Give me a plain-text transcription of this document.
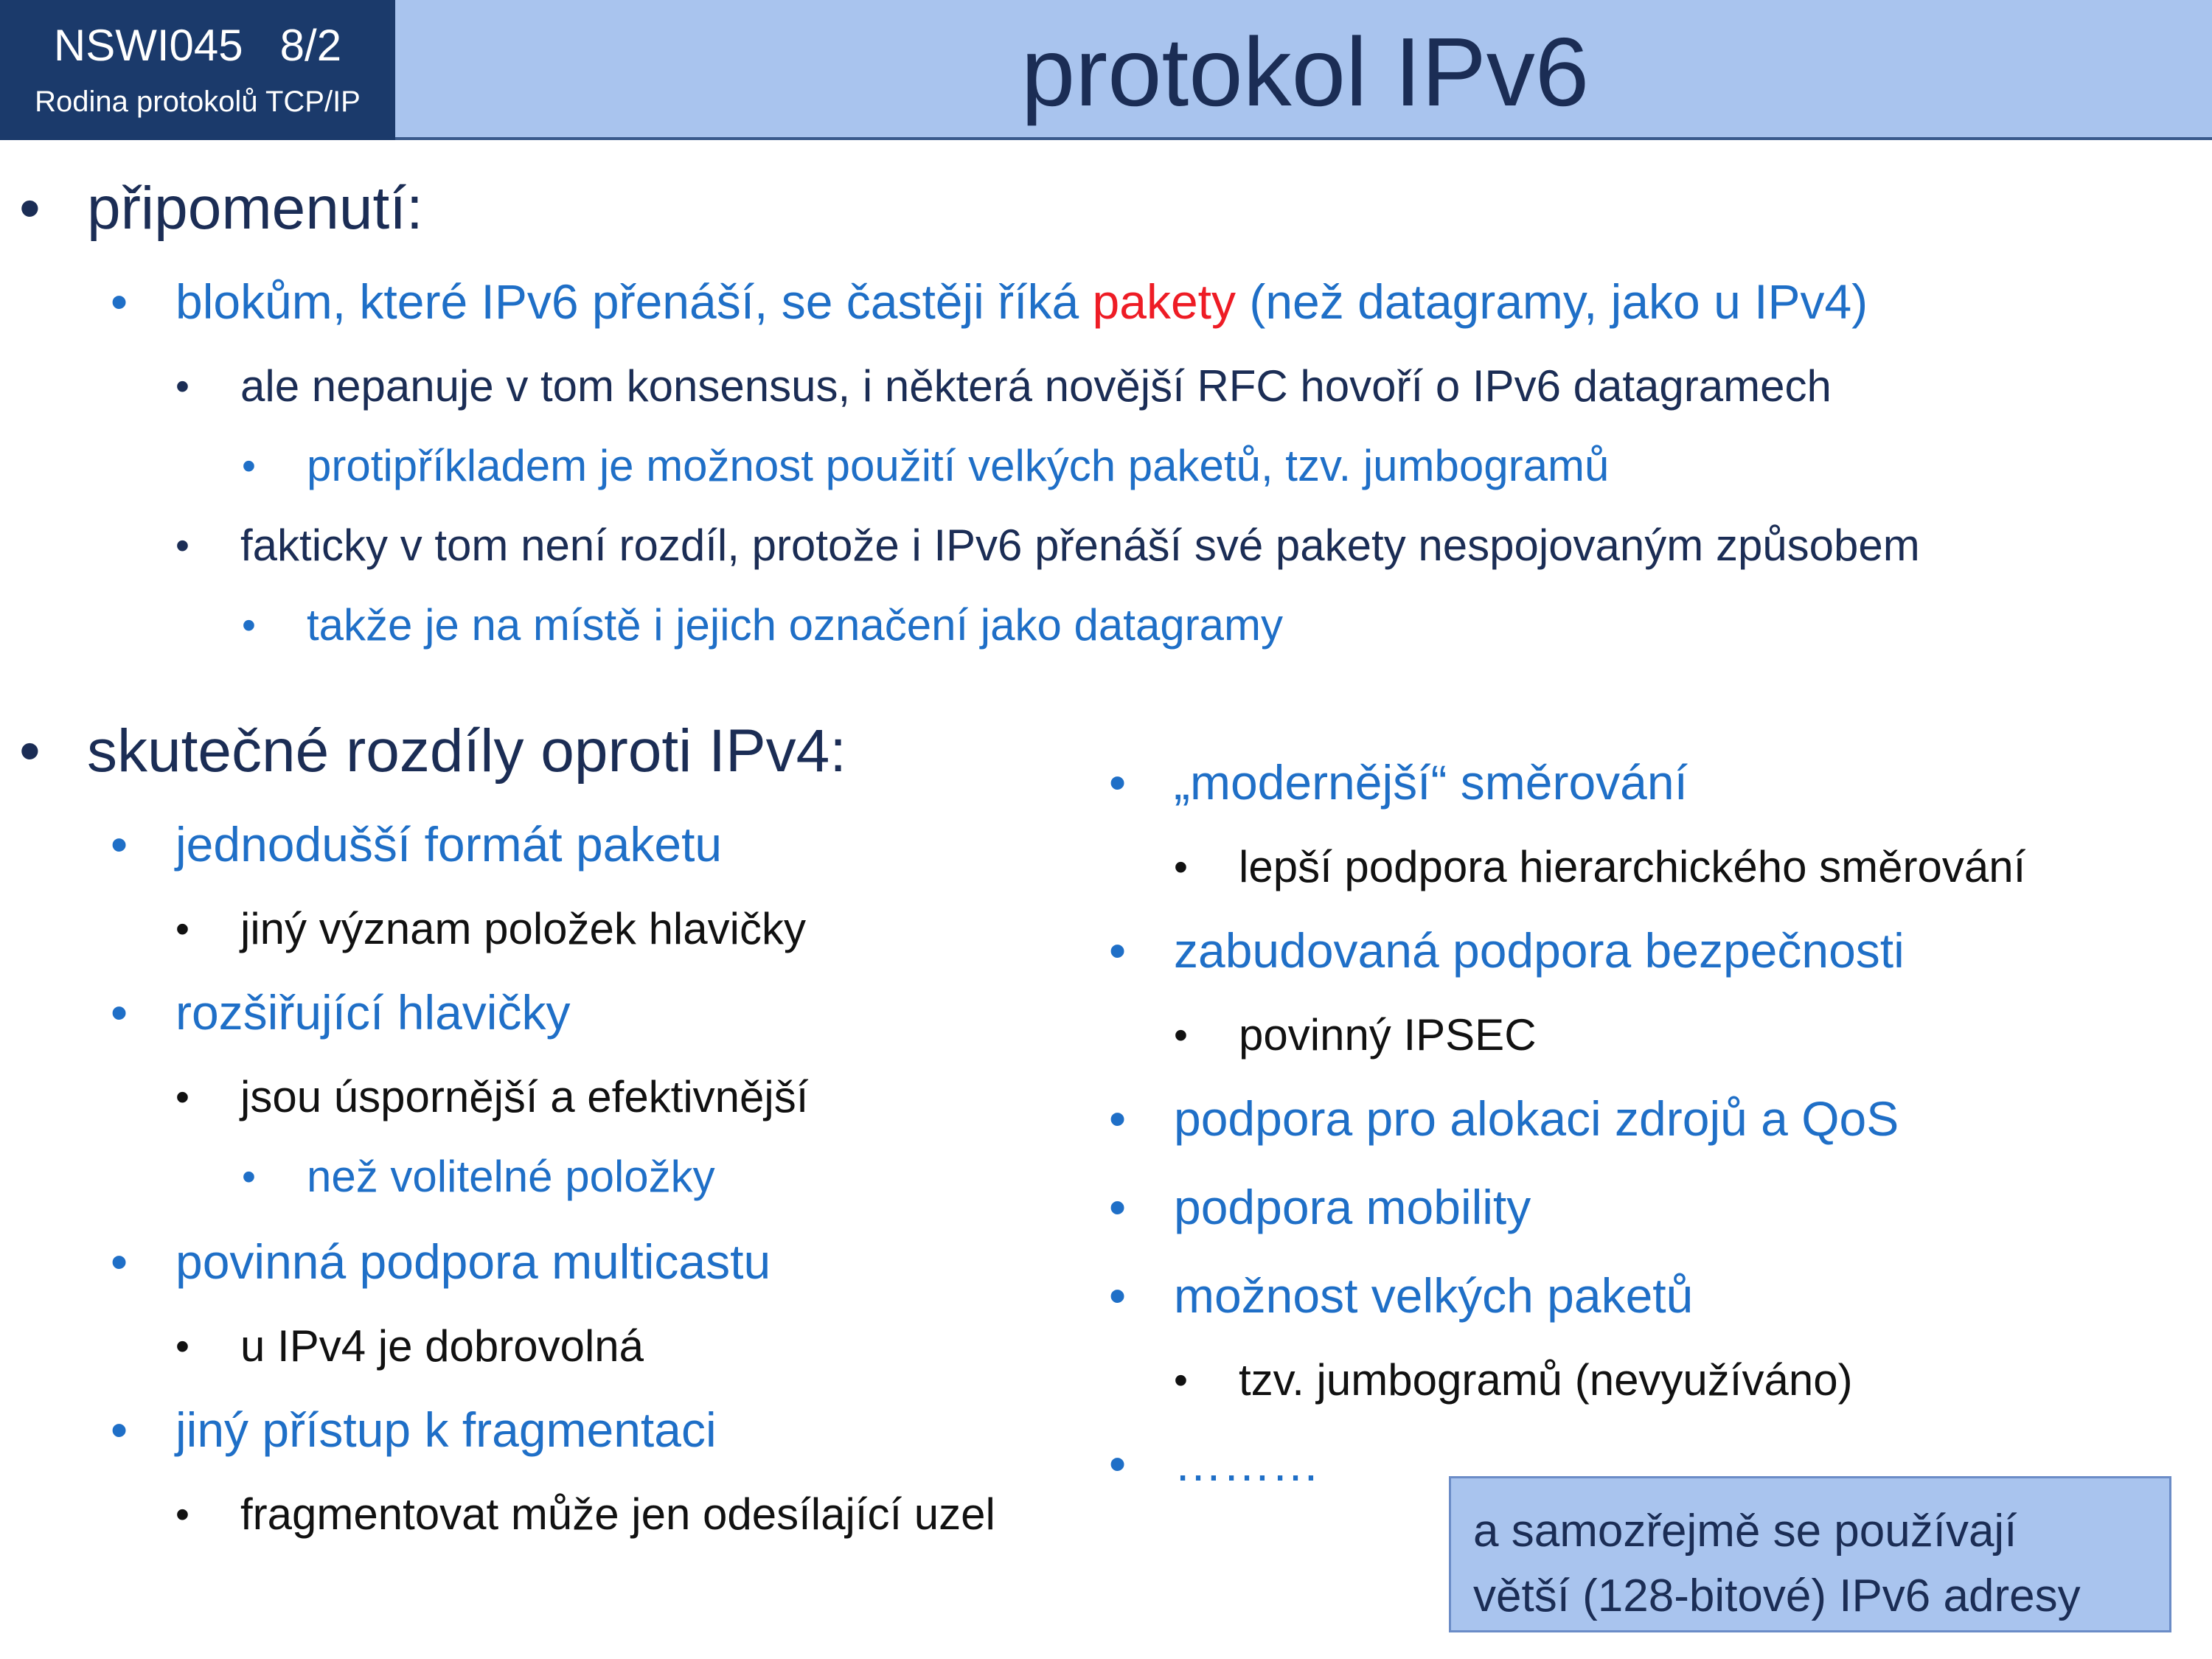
NSWI045   8/2
Rodina protokolů TCP/IP	protokol IPv6
• připomenutí:
• blokům, které IPv6 přenáší, se častěji říká pakety (než datagramy, jako u IPv4)
• ale nepanuje v tom konsensus, i některá novější RFC hovoří o IPv6 datagramech
• protipříkladem je možnost použití velkých paketů, tzv. jumbogramů
• fakticky v tom není rozdíl, protože i IPv6 přenáší své pakety nespojovaným způsobem
• takže je na místě i jejich označení jako datagramy
• skutečné rozdíly oproti IPv4:
• jednodušší formát paketu
• jiný význam položek hlavičky
• rozšiřující hlavičky
• jsou úspornější a efektivnější
• než volitelné položky
• povinná podpora multicastu
• u IPv4 je dobrovolná
• jiný přístup k fragmentaci
• fragmentovat může jen odesílající uzel
• „modernější“ směrování
• lepší podpora hierarchického směrování
• zabudovaná podpora bezpečnosti
• povinný IPSEC
• podpora pro alokaci zdrojů a QoS
• podpora mobility
• možnost velkých paketů
• tzv. jumbogramů (nevyužíváno)
• ………
a samozřejmě se používají
větší (128-bitové) IPv6 adresy
